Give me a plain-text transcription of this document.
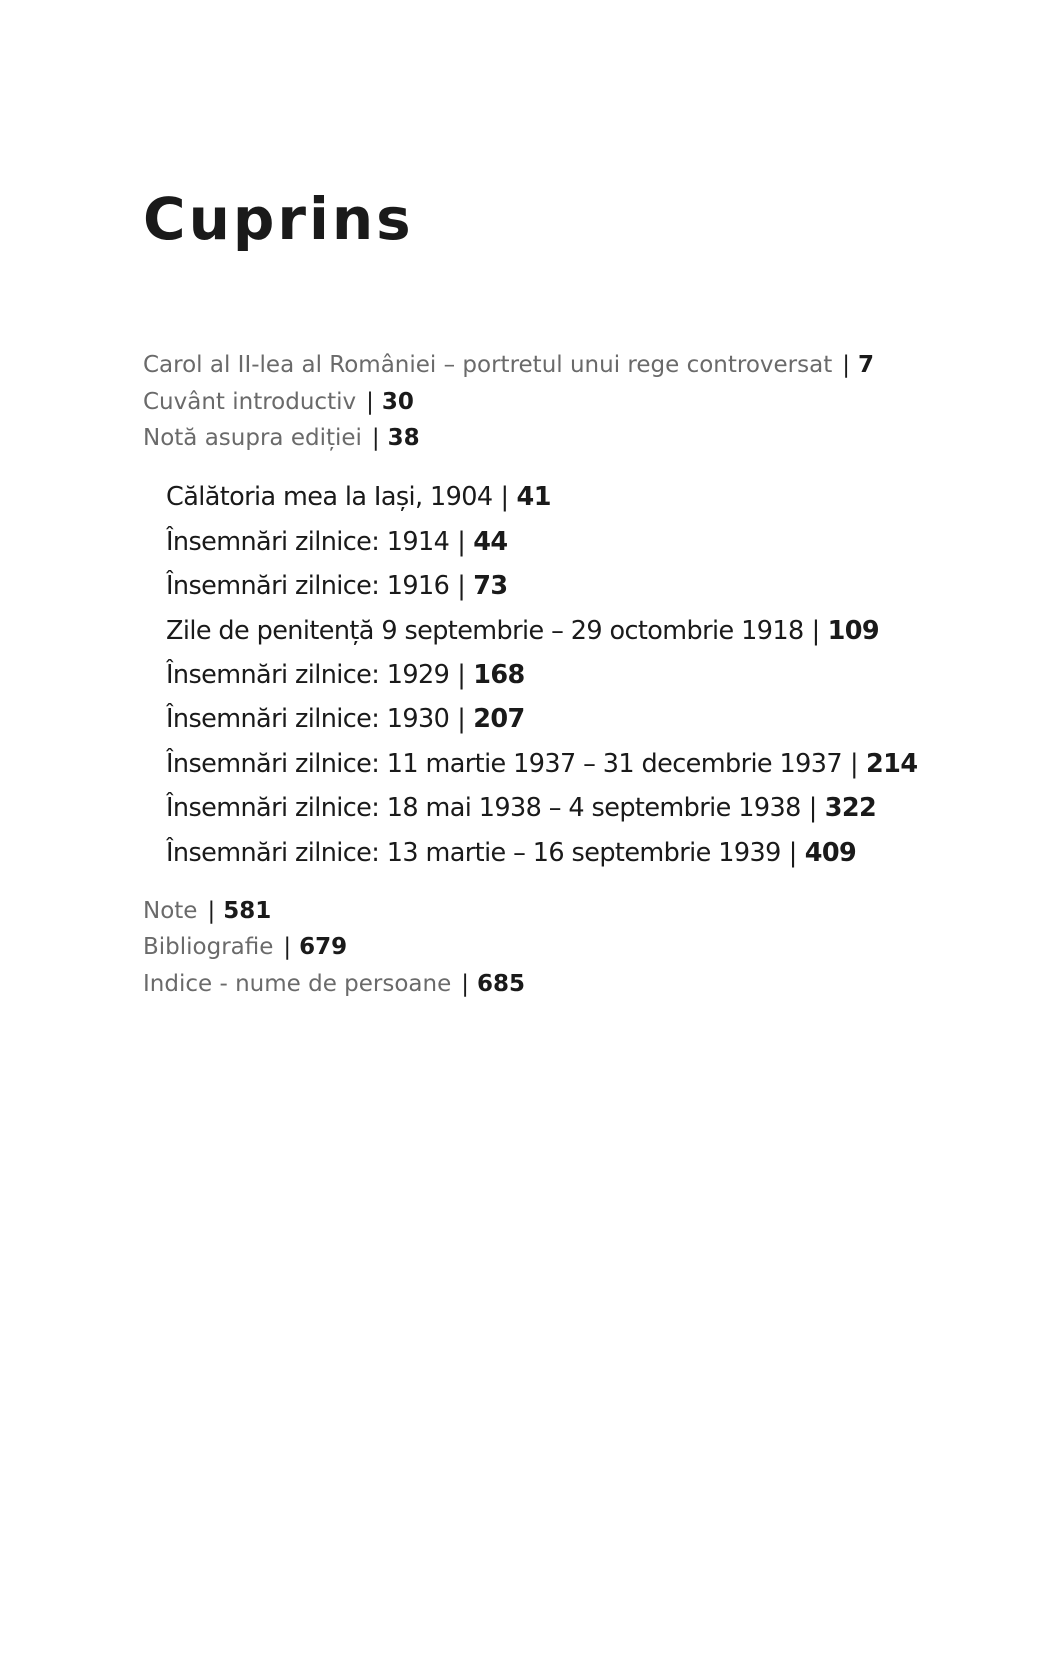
Cuprins
Carol al II-lea al României – portretul unui rege controversat | 7
Cuvânt introductiv | 30
Notă asupra ediției | 38
Călătoria mea la Iași, 1904 | 41
Însemnări zilnice: 1914 | 44
Însemnări zilnice: 1916 | 73
Zile de penitență 9 septembrie – 29 octombrie 1918 | 109
Însemnări zilnice: 1929 | 168
Însemnări zilnice: 1930 | 207
Însemnări zilnice: 11 martie 1937 – 31 decembrie 1937 | 214
Însemnări zilnice: 18 mai 1938 – 4 septembrie 1938 | 322
Însemnări zilnice: 13 martie – 16 septembrie 1939 | 409
Note | 581
Bibliografie | 679
Indice - nume de persoane | 685
